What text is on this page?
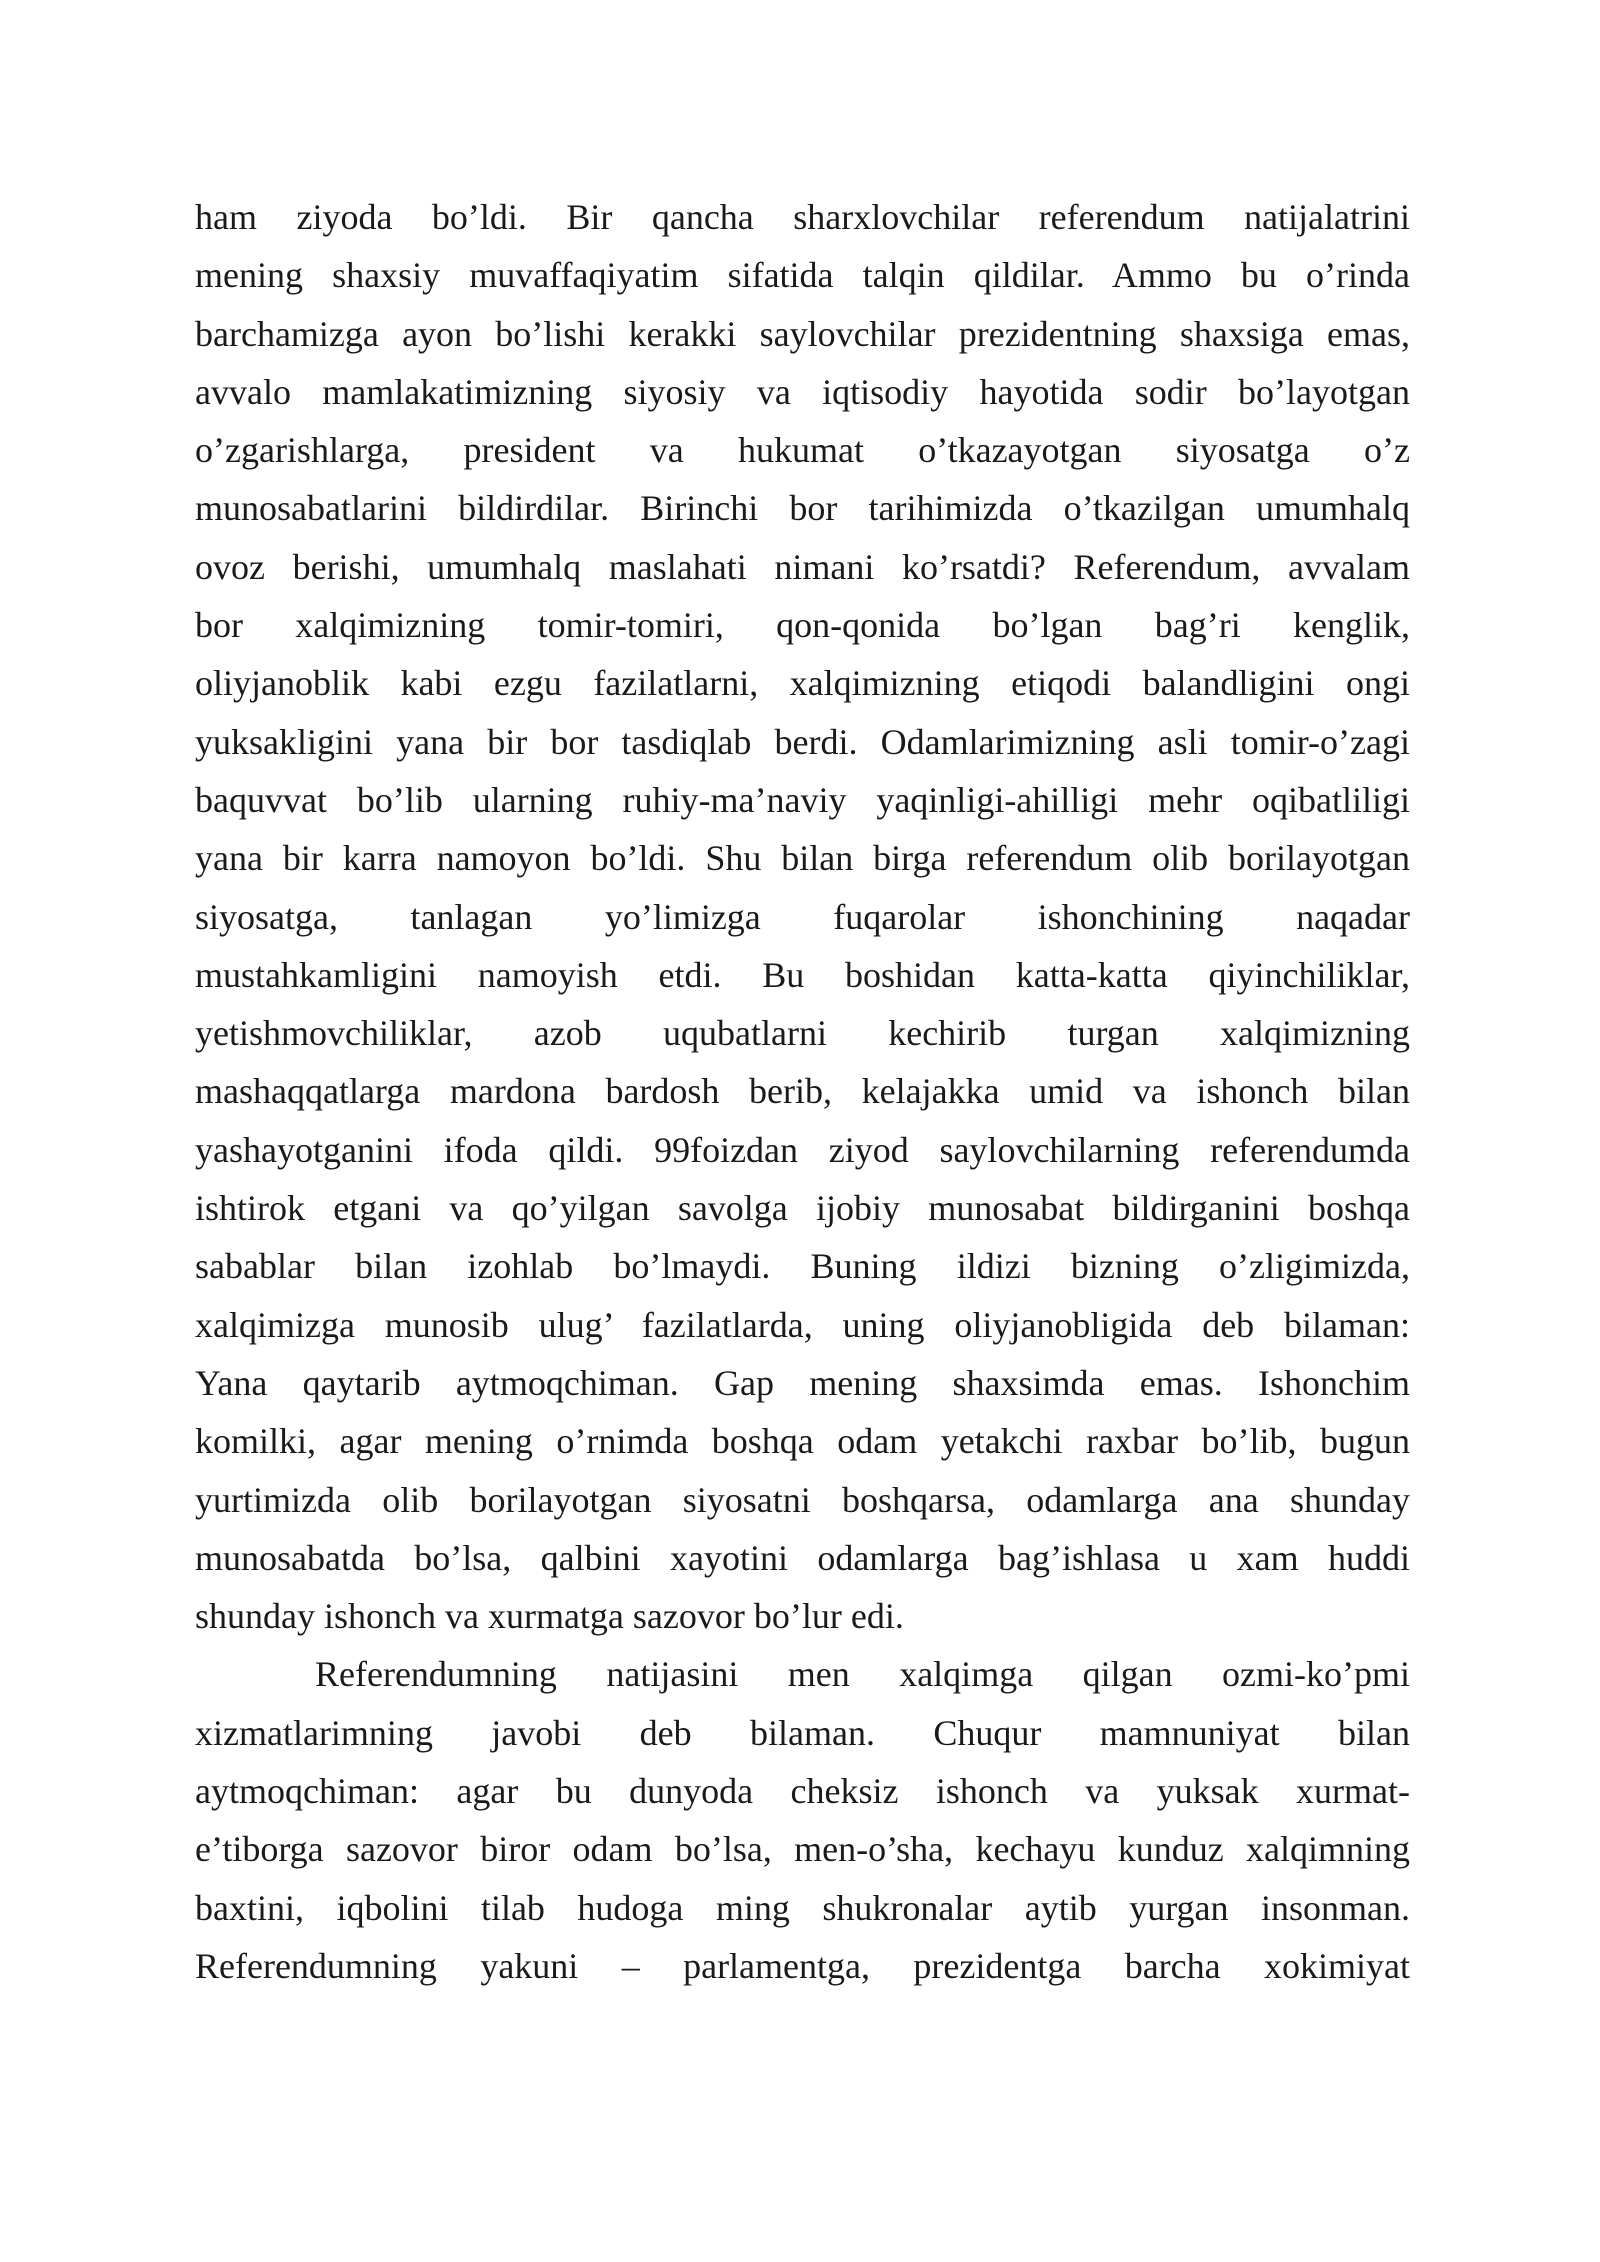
ham ziyoda bo’ldi. Bir qancha sharxlovchilar referendum natijalatrini
mening shaxsiy muvaffaqiyatim sifatida talqin qildilar. Ammo bu o’rinda
barchamizga ayon bo’lishi kerakki saylovchilar prezidentning shaxsiga emas,
avvalo mamlakatimizning siyosiy va iqtisodiy hayotida sodir bo’layotgan
o’zgarishlarga, president va hukumat o’tkazayotgan siyosatga o’z
munosabatlarini bildirdilar. Birinchi bor tarihimizda o’tkazilgan umumhalq
ovoz berishi, umumhalq maslahati nimani ko’rsatdi? Referendum, avvalam
bor xalqimizning tomir-tomiri, qon-qonida bo’lgan bag’ri kenglik,
oliyjanoblik kabi ezgu fazilatlarni, xalqimizning etiqodi balandligini ongi
yuksakligini yana bir bor tasdiqlab berdi. Odamlarimizning asli tomir-o’zagi
baquvvat bo’lib ularning ruhiy-ma’naviy yaqinligi-ahilligi mehr oqibatliligi
yana bir karra namoyon bo’ldi. Shu bilan birga referendum olib borilayotgan
siyosatga, tanlagan yo’limizga fuqarolar ishonchining naqadar
mustahkamligini namoyish etdi. Bu boshidan katta-katta qiyinchiliklar,
yetishmovchiliklar, azob uqubatlarni kechirib turgan xalqimizning
mashaqqatlarga mardona bardosh berib, kelajakka umid va ishonch bilan
yashayotganini ifoda qildi. 99foizdan ziyod saylovchilarning referendumda
ishtirok etgani va qo’yilgan savolga ijobiy munosabat bildirganini boshqa
sabablar bilan izohlab bo’lmaydi. Buning ildizi bizning o’zligimizda,
xalqimizga munosib ulug’ fazilatlarda, uning oliyjanobligida deb bilaman:
Yana qaytarib aytmoqchiman. Gap mening shaxsimda emas. Ishonchim
komilki, agar mening o’rnimda boshqa odam yetakchi raxbar bo’lib, bugun
yurtimizda olib borilayotgan siyosatni boshqarsa, odamlarga ana shunday
munosabatda bo’lsa, qalbini xayotini odamlarga bag’ishlasa u xam huddi
shunday ishonch va xurmatga sazovor bo’lur edi.
Referendumning natijasini men xalqimga qilgan ozmi-ko’pmi
xizmatlarimning javobi deb bilaman. Chuqur mamnuniyat bilan
aytmoqchiman: agar bu dunyoda cheksiz ishonch va yuksak xurmat-
e’tiborga sazovor biror odam bo’lsa, men-o’sha, kechayu kunduz xalqimning
baxtini, iqbolini tilab hudoga ming shukronalar aytib yurgan insonman.
Referendumning yakuni – parlamentga, prezidentga barcha xokimiyat
